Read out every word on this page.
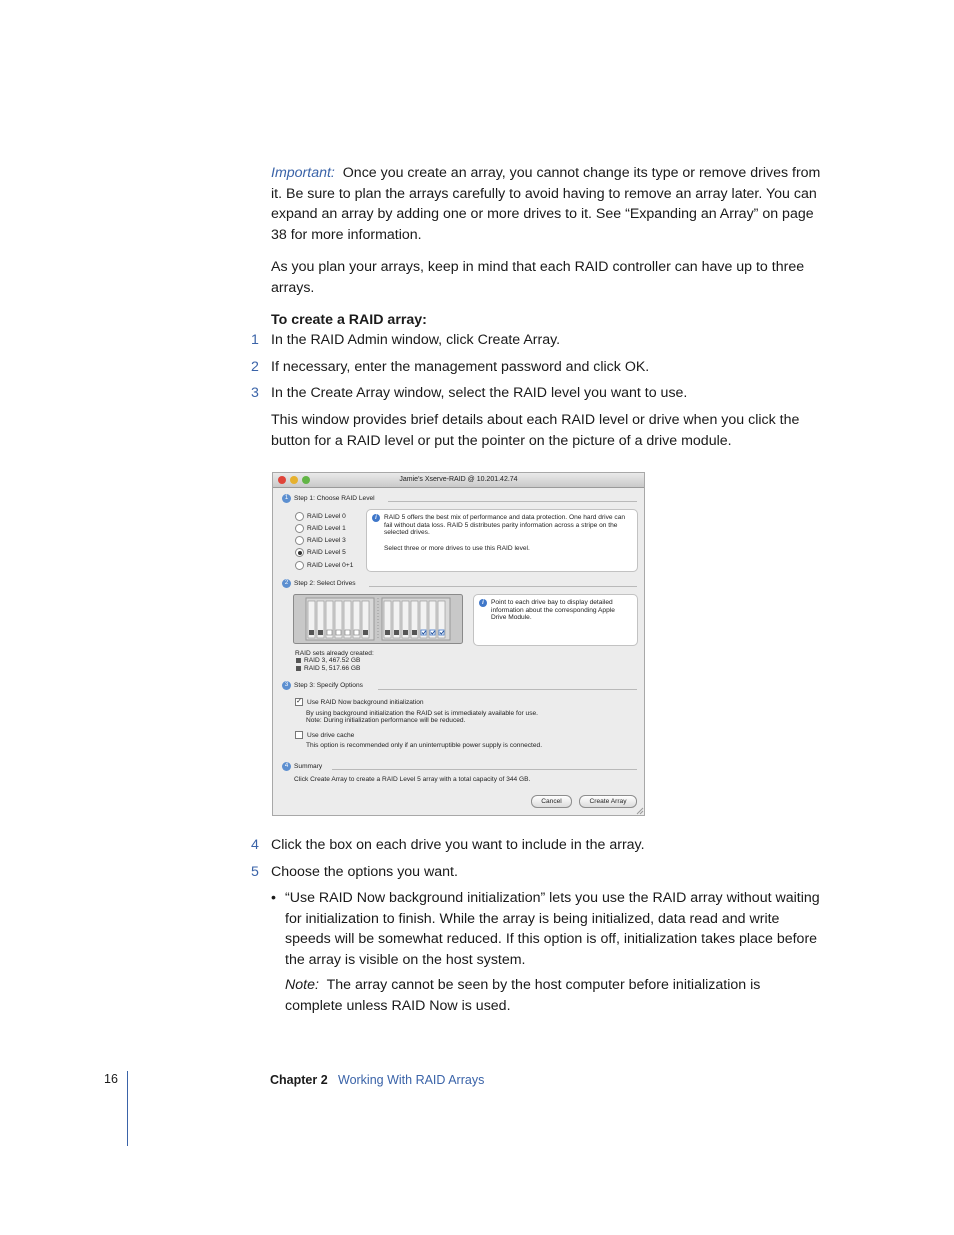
Important: Once you create an array, you cannot change its type or remove drives from it. Be sure to plan the arrays carefully to avoid having to remove an array later. You can expand an array by adding one or more drives to it. See “Expanding an Array” on page 38 for more information.

As you plan your arrays, keep in mind that each RAID controller can have up to three arrays.

To create a RAID array:

1 In the RAID Admin window, click Create Array.

2 If necessary, enter the management password and click OK.

3 In the Create Array window, select the RAID level you want to use.

This window provides brief details about each RAID level or drive when you click the button for a RAID level or put the pointer on the picture of a drive module.

Jamie's Xserve-RAID @ 10.201.42.74
1 Step 1: Choose RAID Level
RAID Level 0
RAID Level 1
RAID Level 3
RAID Level 5
RAID Level 0+1
i	RAID 5 offers the best mix of performance and data protection. One hard drive can fail without data loss. RAID 5 distributes parity information across a stripe on the selected drives.
Select three or more drives to use this RAID level.
2 Step 2: Select Drives
i	Point to each drive bay to display detailed information about the corresponding Apple Drive Module.
RAID sets already created:
RAID 3, 467.52 GB
RAID 5, 517.66 GB
3 Step 3: Specify Options
✓ Use RAID Now background initialization
By using background initialization the RAID set is immediately available for use.
Note: During initialization performance will be reduced.
Use drive cache
This option is recommended only if an uninterruptible power supply is connected.
4 Summary
Click Create Array to create a RAID Level 5 array with a total capacity of 344 GB.
Cancel	Create Array
4 Click the box on each drive you want to include in the array.

5 Choose the options you want.

• “Use RAID Now background initialization” lets you use the RAID array without waiting for initialization to finish. While the array is being initialized, data read and write speeds will be somewhat reduced. If this option is off, initialization takes place before the array is visible on the host system.

Note: The array cannot be seen by the host computer before initialization is complete unless RAID Now is used.

16	Chapter 2 Working With RAID Arrays
